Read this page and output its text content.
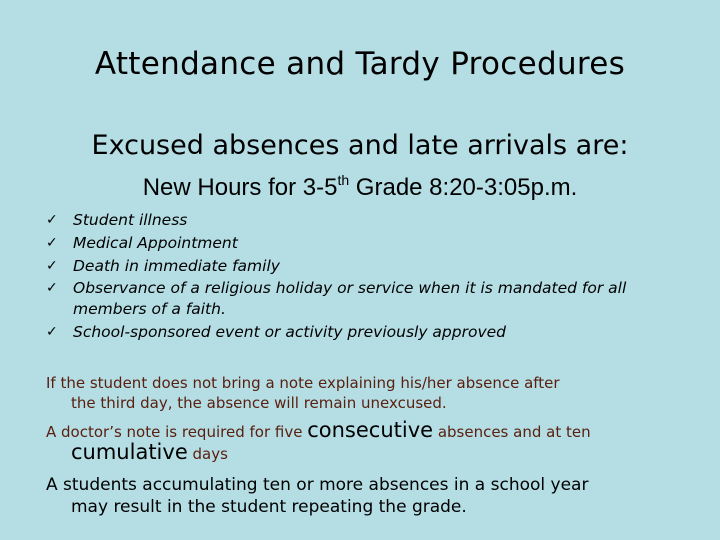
Attendance and Tardy Procedures
Excused absences and late arrivals are:
New Hours for 3-5th Grade 8:20-3:05p.m.
✓ Student illness
✓ Medical Appointment
✓ Death in immediate family
✓ Observance of a religious holiday or service when it is mandated for all members of a faith.
✓ School-sponsored event or activity previously approved
If the student does not bring a note explaining his/her absence after
the third day, the absence will remain unexcused.
A doctor’s note is required for five consecutive absences and at ten
cumulative days
A students accumulating ten or more absences in a school year
may result in the student repeating the grade.
